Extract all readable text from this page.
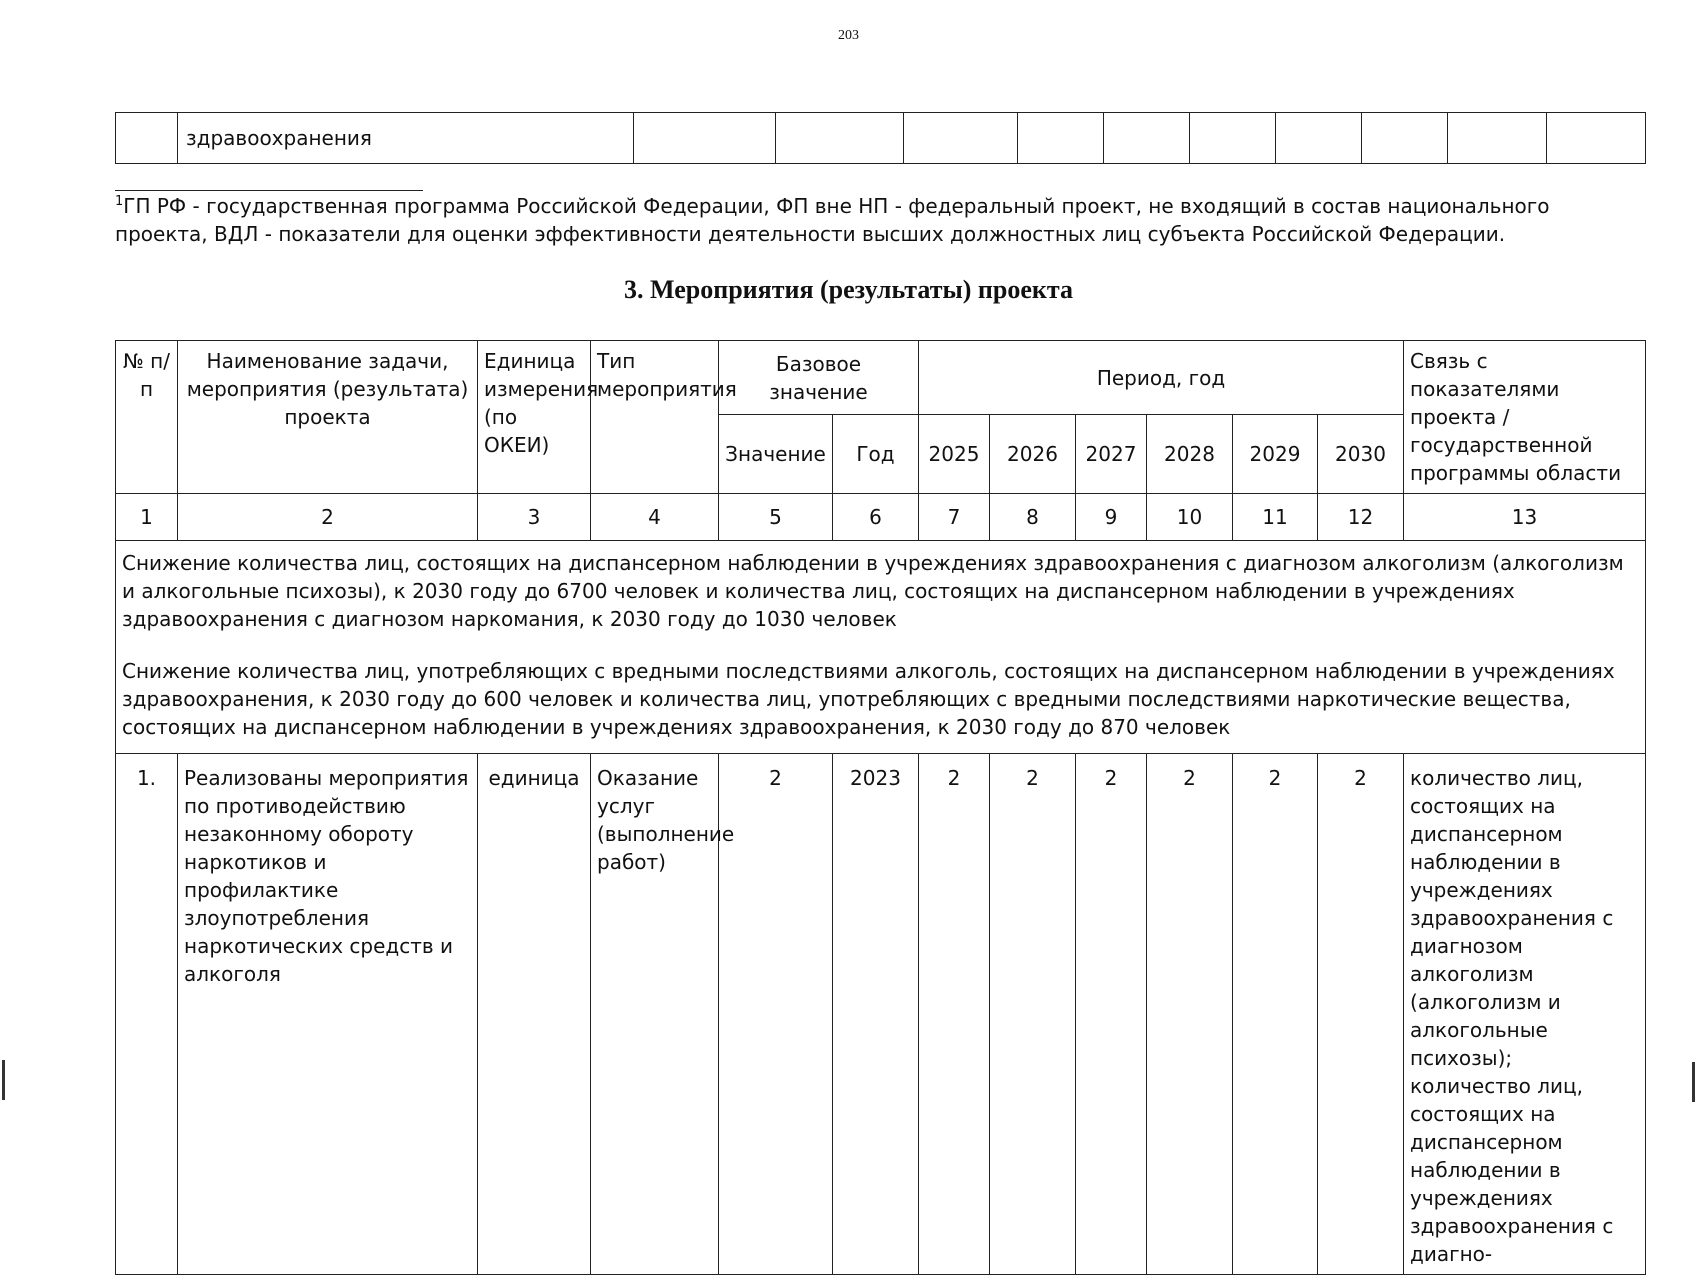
203
	здравоохранения										
$^1$ГП РФ - государственная программа Российской Федерации, ФП вне НП - федеральный проект, не входящий в состав национального проекта, ВДЛ - показатели для оценки эффективности деятельности высших должностных лиц субъекта Российской Федерации.
3. Мероприятия (результаты) проекта
№ п/п	Наименование задачи, мероприятия (результата) проекта	Единица измерения (по ОКЕИ)	Тип мероприятия	Базовое значение		Период, год						Связь с показателями проекта / государственной программы области
				Значение	Год	2025	2026	2027	2028	2029	2030	
1	2	3	4	5	6	7	8	9	10	11	12	13

Снижение количества лиц, состоящих на диспансерном наблюдении в учреждениях здравоохранения с диагнозом алкоголизм (алкоголизм и алкогольные психозы), к 2030 году до 6700 человек и количества лиц, состоящих на диспансерном наблюдении в учреждениях здравоохранения с диагнозом наркомания, к 2030 году до 1030 человек

Снижение количества лиц, употребляющих с вредными последствиями алкоголь, состоящих на диспансерном наблюдении в учреждениях здравоохранения, к 2030 году до 600 человек и количества лиц, употребляющих с вредными последствиями наркотические вещества, состоящих на диспансерном наблюдении в учреждениях здравоохранения, к 2030 году до 870 человек												

1.	Реализованы мероприятия по противодействию незаконному обороту наркотиков и профилактике злоупотребления наркотических средств и алкоголя	единица	Оказание услуг (выполнение работ)	2	2023	2	2	2	2	2	2	количество лиц, состоящих на диспансерном наблюдении в учреждениях здравоохранения с диагнозом алкоголизм (алкоголизм и алкогольные психозы); количество лиц, состоящих на диспансерном наблюдении в учреждениях здравоохранения с диагно-
